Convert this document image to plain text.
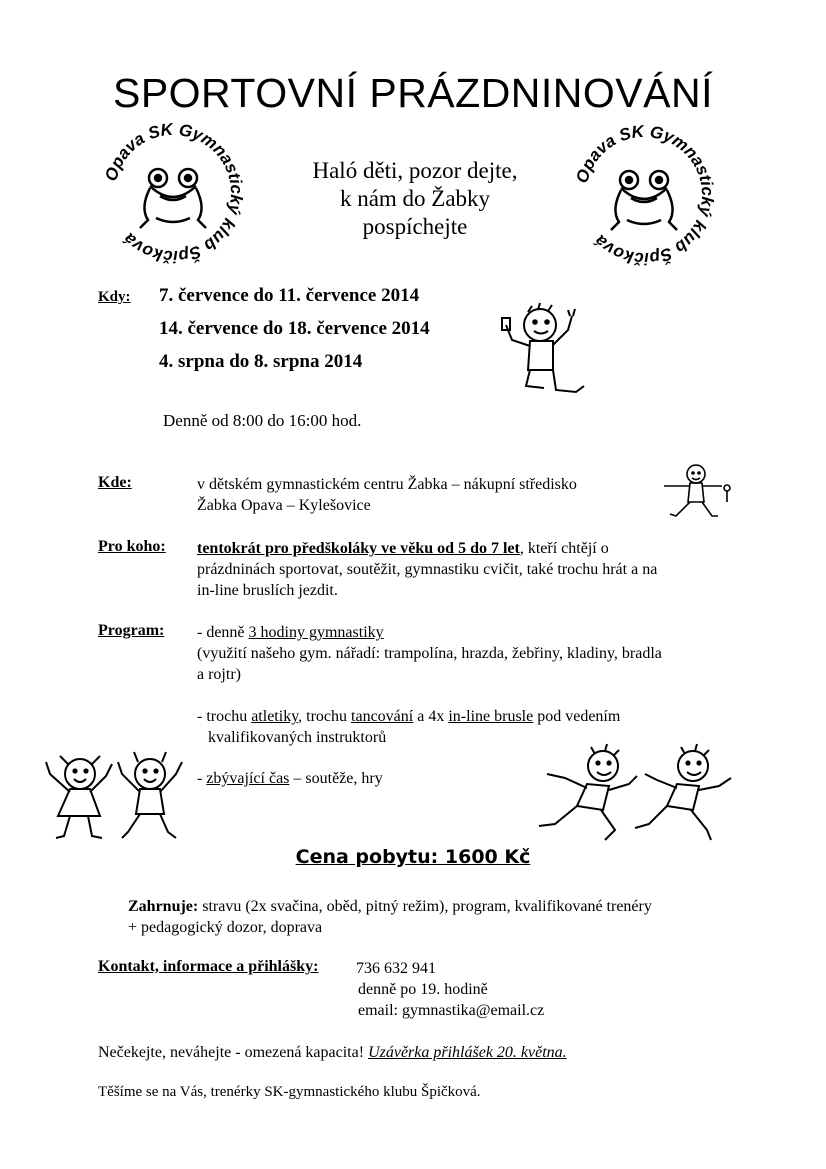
SPORTOVNÍ PRÁZDNINOVÁNÍ
Opava SK Gymnastický klub Špičková
Opava SK Gymnastický klub Špičková
Haló děti, pozor dejte,
k nám do Žabky
pospíchejte
Kdy: 7. července do 11. července 2014
14. července do 18. července 2014
4. srpna do 8. srpna 2014
Denně od 8:00 do 16:00 hod.
Kde:	v dětském gymnastickém centru Žabka – nákupní středisko
Žabka Opava – Kylešovice
Pro koho: tentokrát pro předškoláky ve věku od 5 do 7 let, kteří chtějí o
prázdninách sportovat, soutěžit, gymnastiku cvičit, také trochu hrát a na
in-line bruslích jezdit.
Program: - denně 3 hodiny gymnastiky
(využití našeho gym. nářadí: trampolína, hrazda, žebřiny, kladiny, bradla
a rojtr)
- trochu atletiky, trochu tancování a 4x in-line brusle pod vedením
kvalifikovaných instruktorů
- zbývající čas – soutěže, hry
Cena pobytu: 1600 Kč
Zahrnuje: stravu (2x svačina, oběd, pitný režim), program, kvalifikované trenéry
+ pedagogický dozor, doprava
Kontakt, informace a přihlášky: 736 632 941
denně po 19. hodině
email: gymnastika@email.cz
Nečekejte, neváhejte - omezená kapacita! Uzávěrka přihlášek 20. května.
Těšíme se na Vás, trenérky SK-gymnastického klubu Špičková.
